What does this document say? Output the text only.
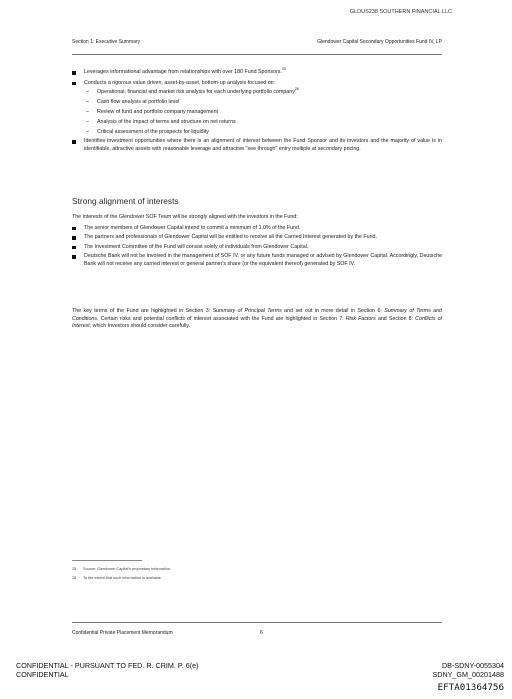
GLDUS238 SOUTHERN FINANCIAL LLC
Section 1: Executive Summary	Glendower Capital Secondary Opportunities Fund IV, LP
Leverages informational advantage from relationships with over 180 Fund Sponsors.$^{25}$
Conducts a rigorous value driven, asset-by-asset, bottom-up analysis focused on:
– Operational, financial and market risk analysis for each underlying portfolio company$^{26}$
– Cash flow analysis at portfolio level
– Review of fund and portfolio company management
– Analysis of the impact of terms and structure on net returns
– Critical assessment of the prospects for liquidity
Identifies investment opportunities where there is an alignment of interest between the Fund Sponsor and its investors and the majority of value is in identifiable, attractive assets with reasonable leverage and attractive "see through" entry multiple at secondary pricing.
Strong alignment of interests
The interests of the Glendower SOF Team will be strongly aligned with the investors in the Fund:
The senior members of Glendower Capital intend to commit a minimum of 1.0% of the Fund.
The partners and professionals of Glendower Capital will be entitled to receive all the Carried Interest generated by the Fund.
The Investment Committee of the Fund will consist solely of individuals from Glendower Capital.
Deutsche Bank will not be involved in the management of SOF IV, or any future funds managed or advised by Glendower Capital. Accordingly, Deutsche Bank will not receive any carried interest or general partner's share (or the equivalent thereof) generated by SOF IV.
The key terms of the Fund are highlighted in Section 3: Summary of Principal Terms and set out in more detail in Section 6: Summary of Terms and Conditions. Certain risks and potential conflicts of interest associated with the Fund are highlighted in Section 7: Risk Factors and Section 8: Conflicts of Interest, which Investors should consider carefully.
25 Source: Glendower Capital's proprietary information.
26 To the extent that such information is available.
Confidential Private Placement Memorandum	6
CONFIDENTIAL - PURSUANT TO FED. R. CRIM. P. 6(e)
CONFIDENTIAL
DB-SDNY-0055304
SDNY_GM_00201488
EFTA01364756
